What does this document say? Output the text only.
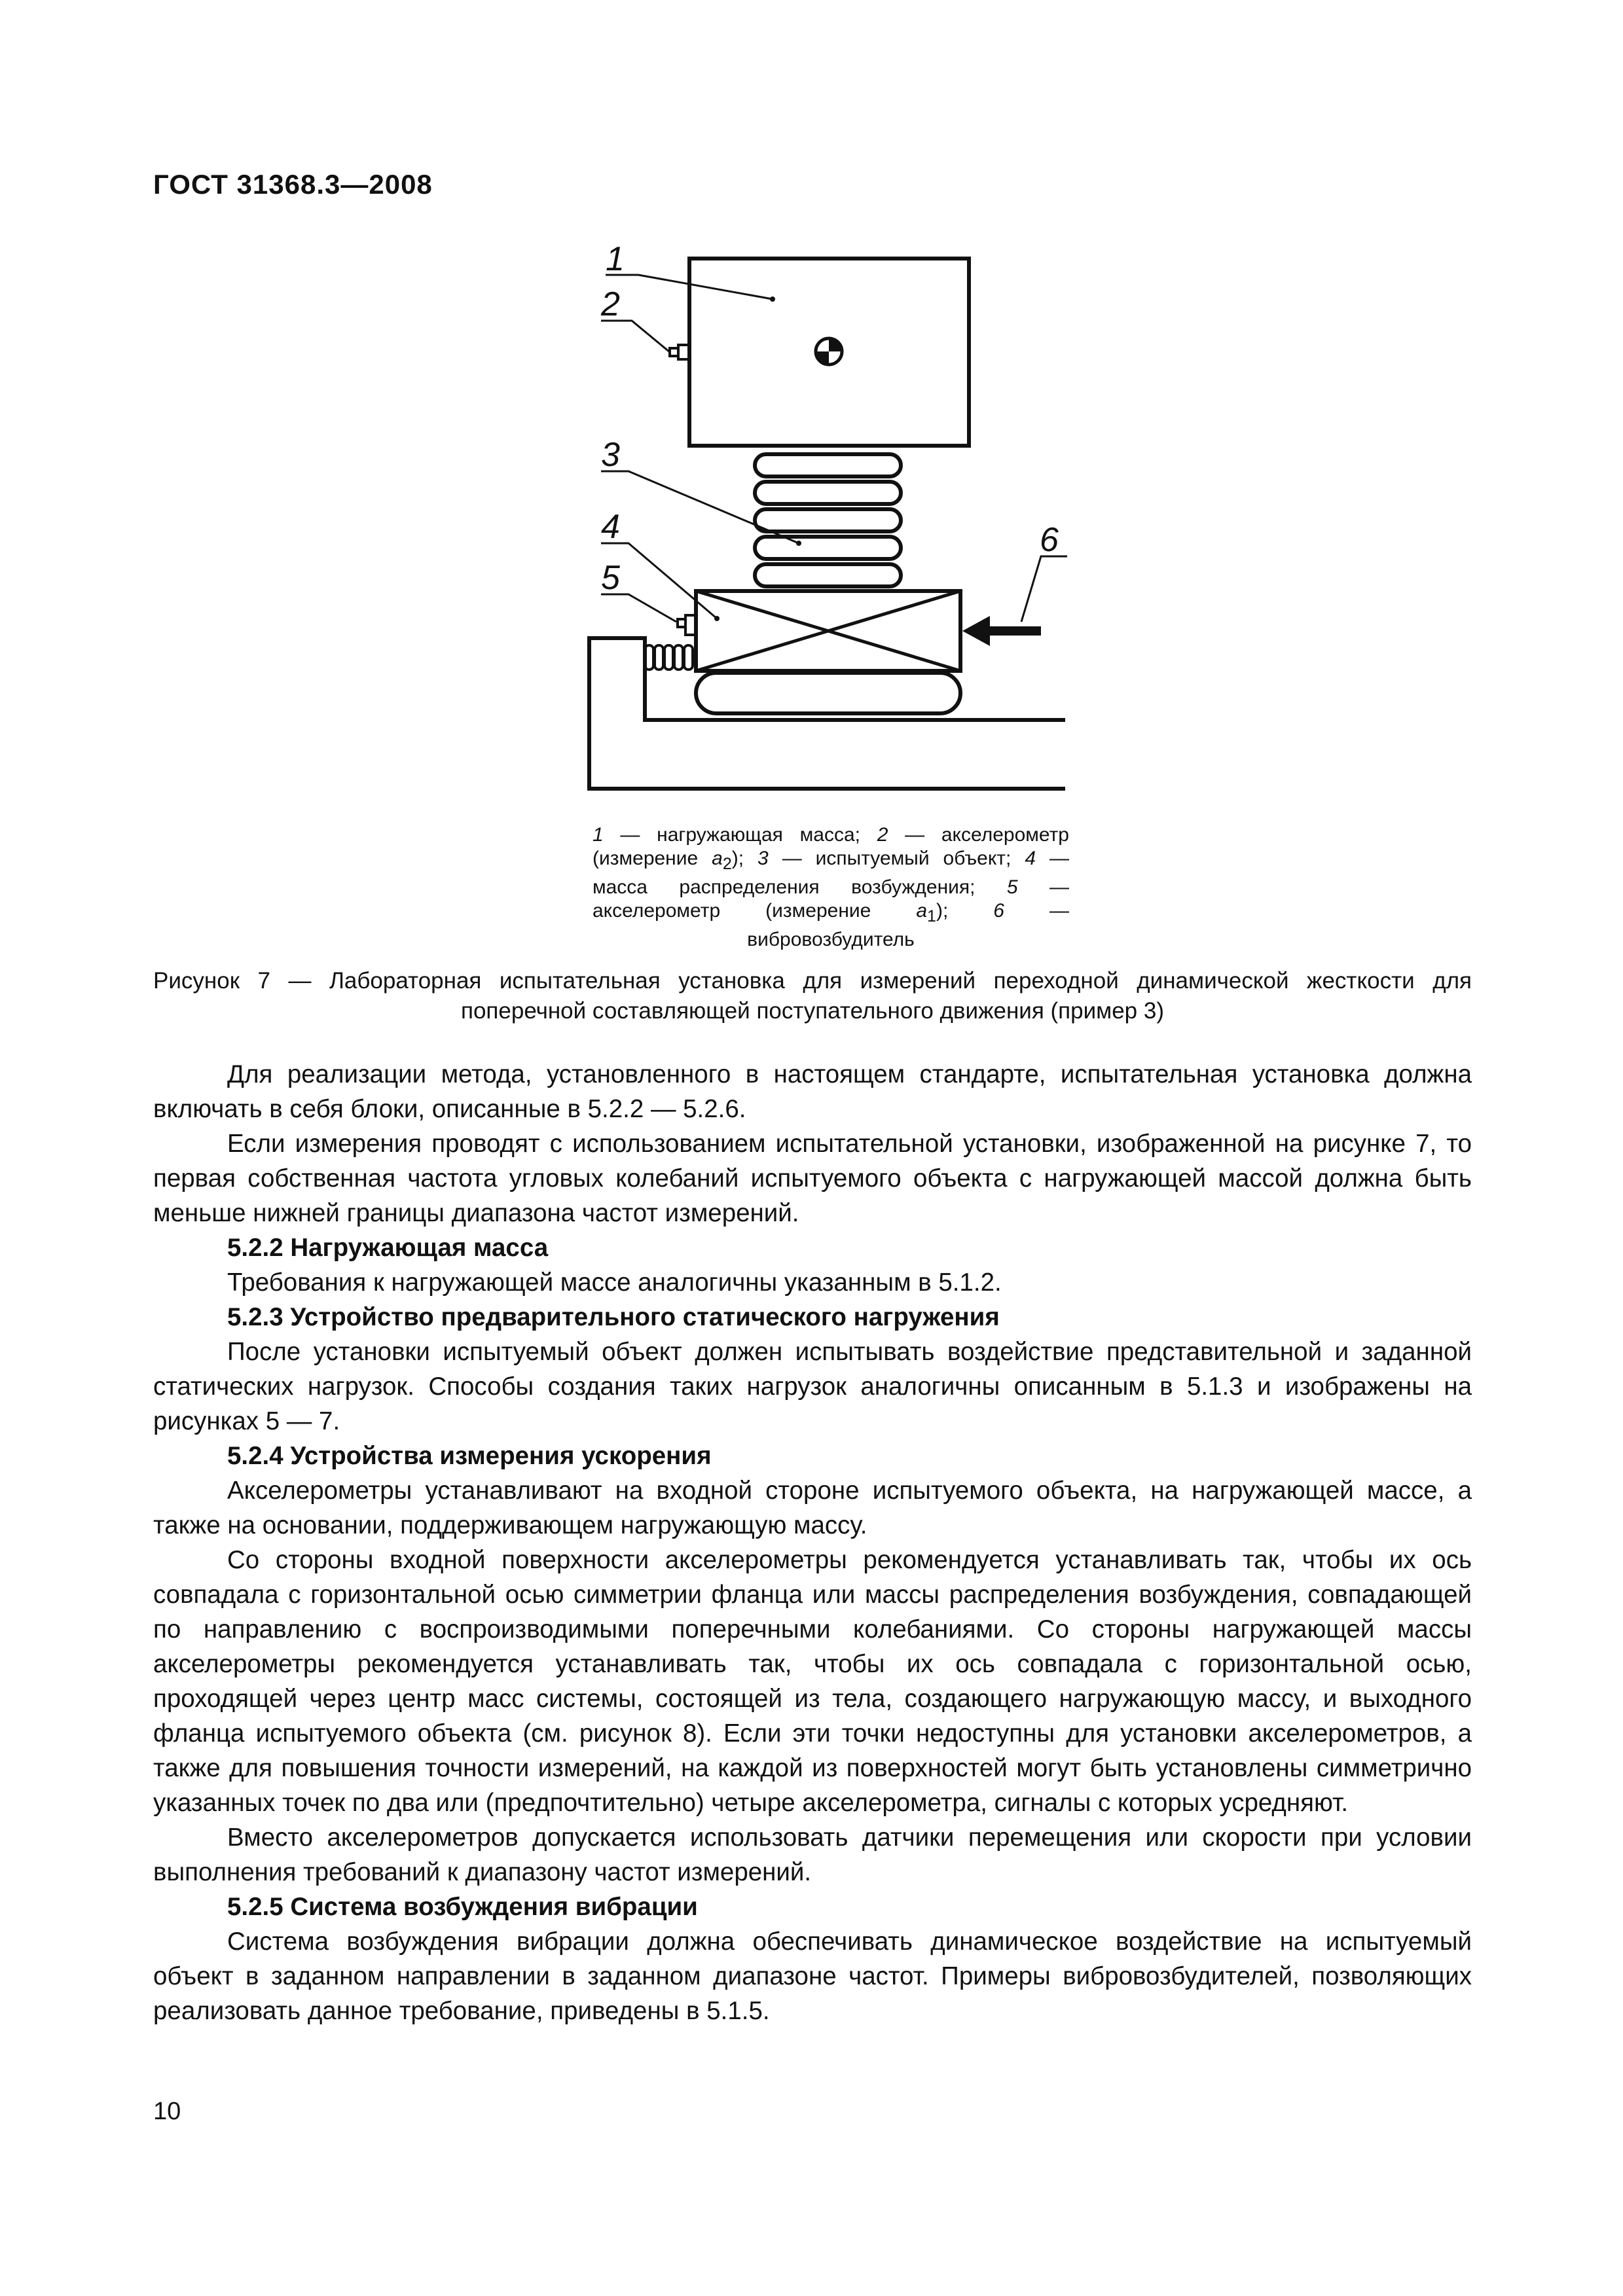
ГОСТ 31368.3—2008
1
2
3
4
5
6
1 — нагружающая масса; 2 — акселерометр (измерение $a_2$); 3 — испытуемый объект; 4 — масса распределения возбуждения; 5 — акселерометр (измерение $a_1$); 6 — вибровозбудитель
Рисунок 7 — Лабораторная испытательная установка для измерений переходной динамической жесткости для
поперечной составляющей поступательного движения (пример 3)

Для реализации метода, установленного в настоящем стандарте, испытательная установка должна включать в себя блоки, описанные в 5.2.2 — 5.2.6.

Если измерения проводят с использованием испытательной установки, изображенной на рисунке 7, то первая собственная частота угловых колебаний испытуемого объекта с нагружающей массой должна быть меньше нижней границы диапазона частот измерений.

5.2.2 Нагружающая масса

Требования к нагружающей массе аналогичны указанным в 5.1.2.

5.2.3 Устройство предварительного статического нагружения

После установки испытуемый объект должен испытывать воздействие представительной и заданной статических нагрузок. Способы создания таких нагрузок аналогичны описанным в 5.1.3 и изображены на рисунках 5 — 7.

5.2.4 Устройства измерения ускорения

Акселерометры устанавливают на входной стороне испытуемого объекта, на нагружающей массе, а также на основании, поддерживающем нагружающую массу.

Со стороны входной поверхности акселерометры рекомендуется устанавливать так, чтобы их ось совпадала с горизонтальной осью симметрии фланца или массы распределения возбуждения, совпадающей по направлению с воспроизводимыми поперечными колебаниями. Со стороны нагружающей массы акселерометры рекомендуется устанавливать так, чтобы их ось совпадала с горизонтальной осью, проходящей через центр масс системы, состоящей из тела, создающего нагружающую массу, и выходного фланца испытуемого объекта (см. рисунок 8). Если эти точки недоступны для установки акселерометров, а также для повышения точности измерений, на каждой из поверхностей могут быть установлены симметрично указанных точек по два или (предпочтительно) четыре акселерометра, сигналы с которых усредняют.

Вместо акселерометров допускается использовать датчики перемещения или скорости при условии выполнения требований к диапазону частот измерений.

5.2.5 Система возбуждения вибрации

Система возбуждения вибрации должна обеспечивать динамическое воздействие на испытуемый объект в заданном направлении в заданном диапазоне частот. Примеры вибровозбудителей, позволяющих реализовать данное требование, приведены в 5.1.5.

10
